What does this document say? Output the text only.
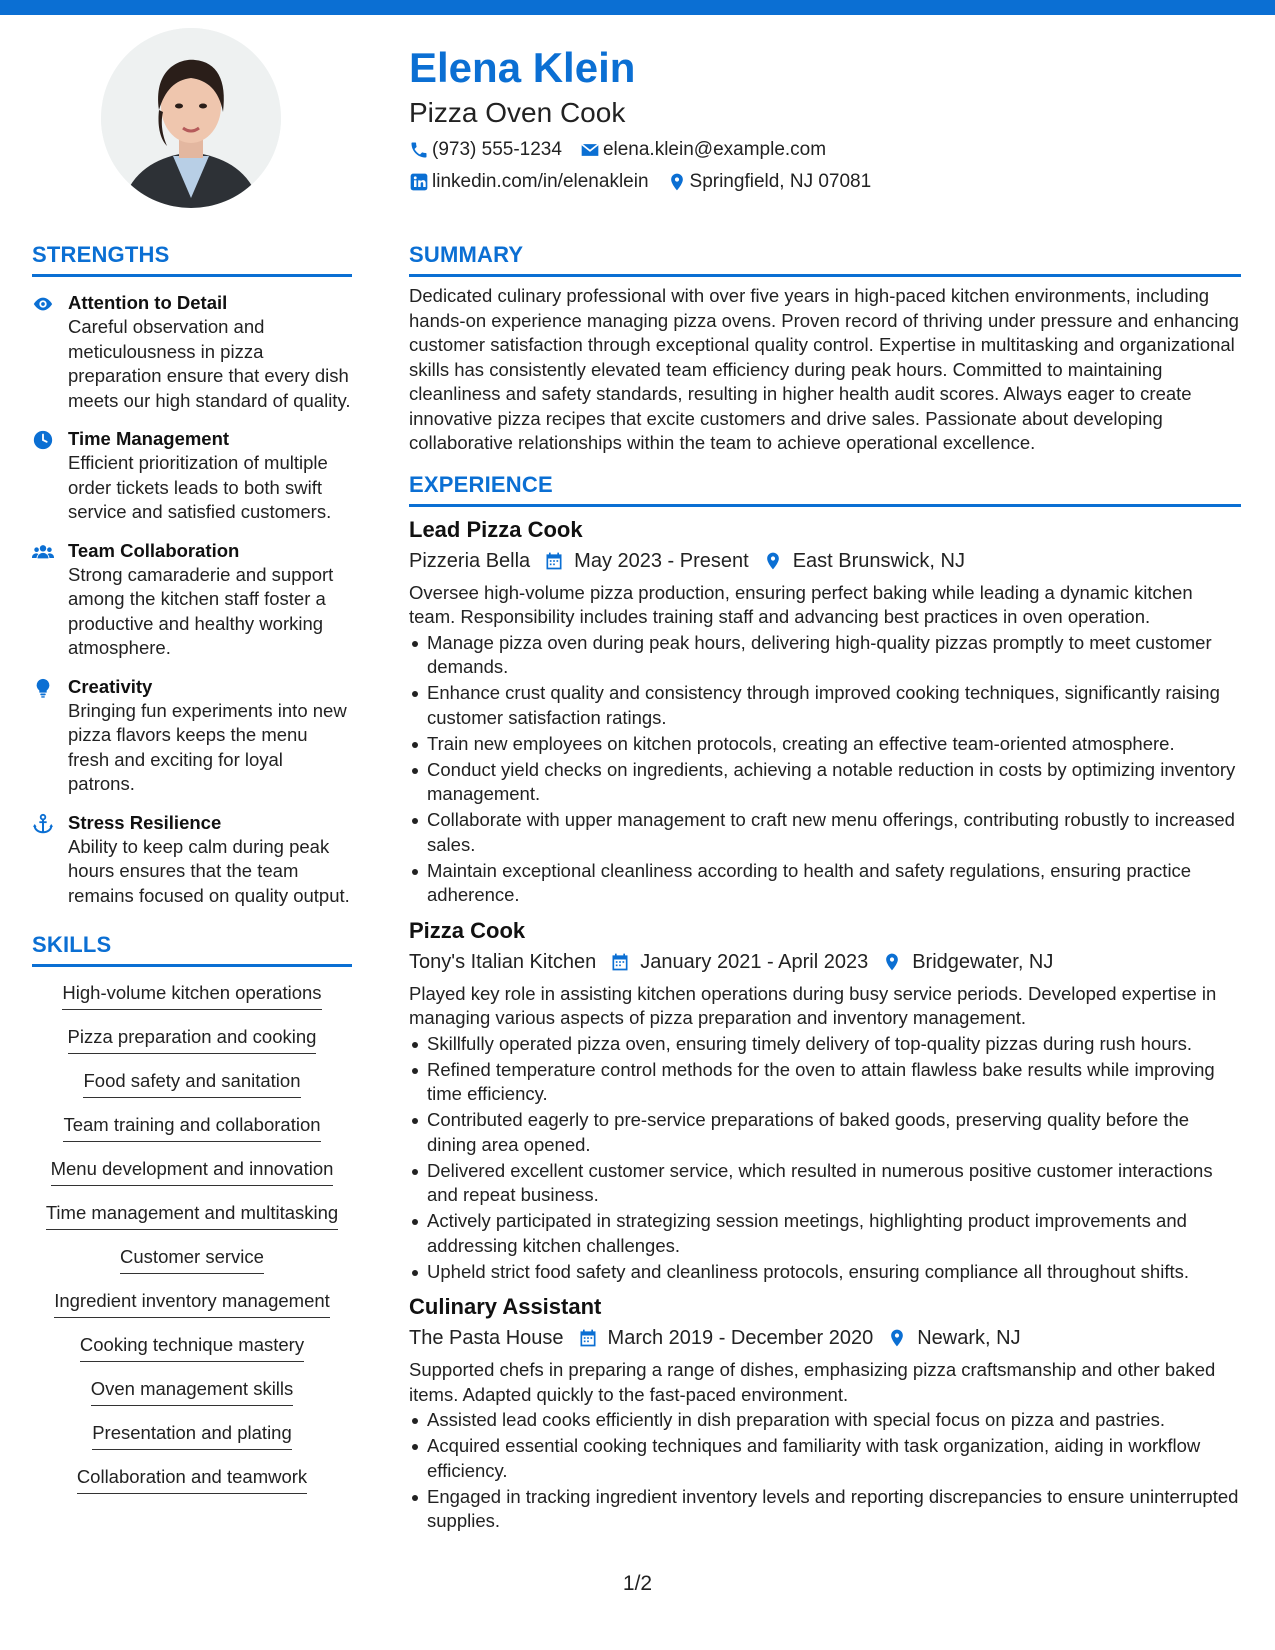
Elena Klein
Pizza Oven Cook
(973) 555-1234 elena.klein@example.com
linkedin.com/in/elenaklein Springfield, NJ 07081
STRENGTHS
Attention to Detail
Careful observation and meticulousness in pizza preparation ensure that every dish meets our high standard of quality.
Time Management
Efficient prioritization of multiple order tickets leads to both swift service and satisfied customers.
Team Collaboration
Strong camaraderie and support among the kitchen staff foster a productive and healthy working atmosphere.
Creativity
Bringing fun experiments into new pizza flavors keeps the menu fresh and exciting for loyal patrons.
Stress Resilience
Ability to keep calm during peak hours ensures that the team remains focused on quality output.
SKILLS
High-volume kitchen operations
Pizza preparation and cooking
Food safety and sanitation
Team training and collaboration
Menu development and innovation
Time management and multitasking
Customer service
Ingredient inventory management
Cooking technique mastery
Oven management skills
Presentation and plating
Collaboration and teamwork
SUMMARY
Dedicated culinary professional with over five years in high-paced kitchen environments, including hands-on experience managing pizza ovens. Proven record of thriving under pressure and enhancing customer satisfaction through exceptional quality control. Expertise in multitasking and organizational skills has consistently elevated team efficiency during peak hours. Committed to maintaining cleanliness and safety standards, resulting in higher health audit scores. Always eager to create innovative pizza recipes that excite customers and drive sales. Passionate about developing collaborative relationships within the team to achieve operational excellence.
EXPERIENCE
Lead Pizza Cook
Pizzeria Bella May 2023 - Present East Brunswick, NJ
Oversee high-volume pizza production, ensuring perfect baking while leading a dynamic kitchen team. Responsibility includes training staff and advancing best practices in oven operation.
Manage pizza oven during peak hours, delivering high-quality pizzas promptly to meet customer demands.
Enhance crust quality and consistency through improved cooking techniques, significantly raising customer satisfaction ratings.
Train new employees on kitchen protocols, creating an effective team-oriented atmosphere.
Conduct yield checks on ingredients, achieving a notable reduction in costs by optimizing inventory management.
Collaborate with upper management to craft new menu offerings, contributing robustly to increased sales.
Maintain exceptional cleanliness according to health and safety regulations, ensuring practice adherence.
Pizza Cook
Tony's Italian Kitchen January 2021 - April 2023 Bridgewater, NJ
Played key role in assisting kitchen operations during busy service periods. Developed expertise in managing various aspects of pizza preparation and inventory management.
Skillfully operated pizza oven, ensuring timely delivery of top-quality pizzas during rush hours.
Refined temperature control methods for the oven to attain flawless bake results while improving time efficiency.
Contributed eagerly to pre-service preparations of baked goods, preserving quality before the dining area opened.
Delivered excellent customer service, which resulted in numerous positive customer interactions and repeat business.
Actively participated in strategizing session meetings, highlighting product improvements and addressing kitchen challenges.
Upheld strict food safety and cleanliness protocols, ensuring compliance all throughout shifts.
Culinary Assistant
The Pasta House March 2019 - December 2020 Newark, NJ
Supported chefs in preparing a range of dishes, emphasizing pizza craftsmanship and other baked items. Adapted quickly to the fast-paced environment.
Assisted lead cooks efficiently in dish preparation with special focus on pizza and pastries.
Acquired essential cooking techniques and familiarity with task organization, aiding in workflow efficiency.
Engaged in tracking ingredient inventory levels and reporting discrepancies to ensure uninterrupted supplies.
1/2
